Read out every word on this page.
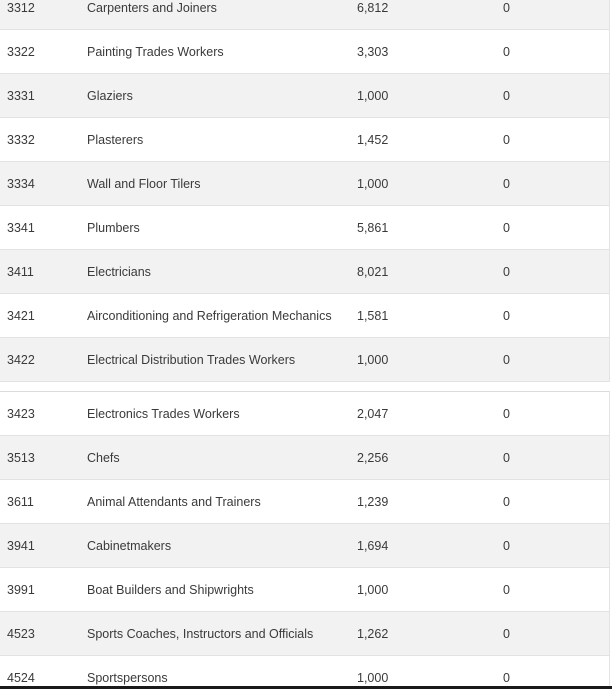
3312	Carpenters and Joiners	6,812	0
3322	Painting Trades Workers	3,303	0
3331	Glaziers	1,000	0
3332	Plasterers	1,452	0
3334	Wall and Floor Tilers	1,000	0
3341	Plumbers	5,861	0
3411	Electricians	8,021	0
3421	Airconditioning and Refrigeration Mechanics 1,581	0
3422	Electrical Distribution Trades Workers	1,000	0
3423	Electronics Trades Workers	2,047	0
3513	Chefs	2,256	0
3611	Animal Attendants and Trainers	1,239	0
3941	Cabinetmakers	1,694	0
3991	Boat Builders and Shipwrights	1,000	0
4523	Sports Coaches, Instructors and Officials	1,262	0
4524	Sportspersons	1,000	0
